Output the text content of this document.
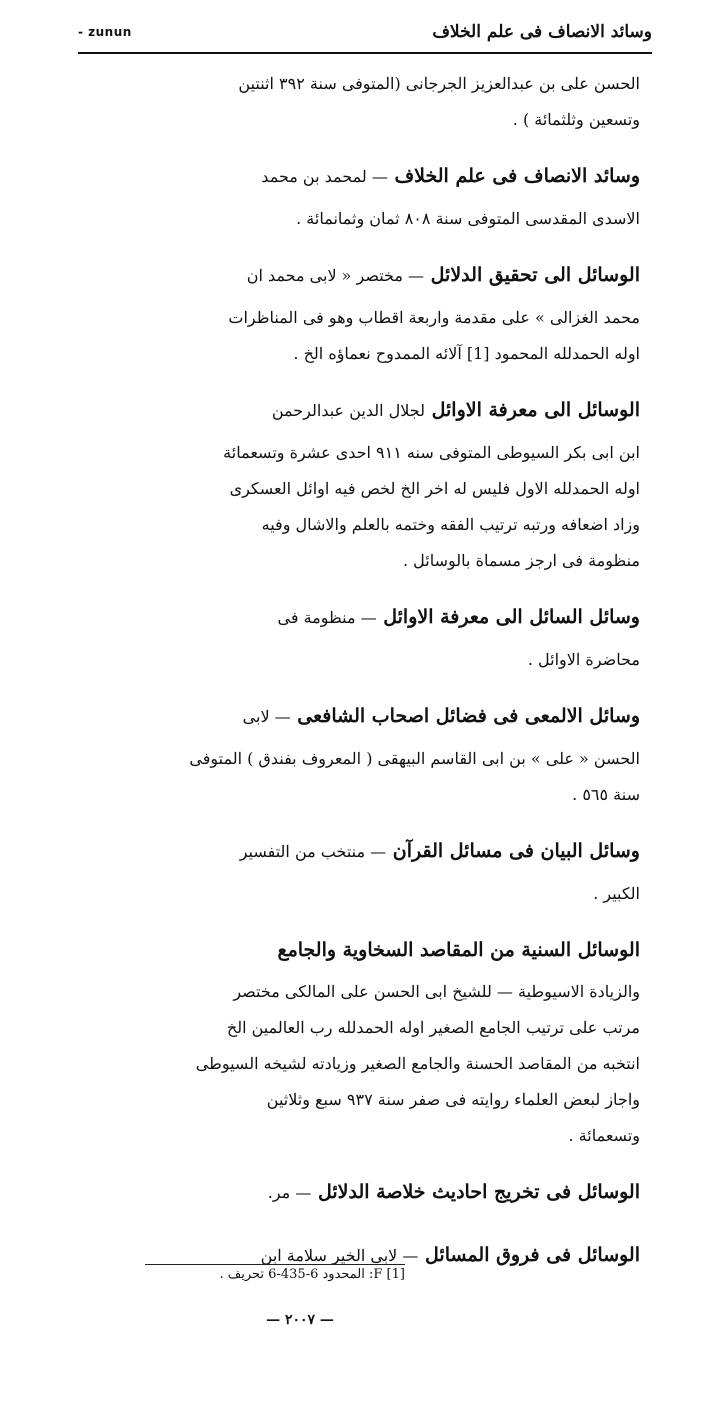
وسائد الانصاف فی علم الخلاف
- zunun

الحسن علی بن عبدالعزیز الجرجانی (المتوفی سنة ۳۹۲ اثنتین

وتسعین وثلثمائة ) .

وسائد الانصاف فی علم الخلاف — لمحمد بن محمد

الاسدی المقدسی المتوفی سنة ۸۰۸ ثمان وثمانمائة .

الوسائل الی تحقیق الدلائل — مختصر « لابی محمد ان

محمد الغزالی » علی مقدمة واربعة اقطاب وهو فی المناظرات

اوله الحمدلله المحمود [1] آلائه الممدوح نعماؤه الخ .

الوسائل الی معرفة الاوائل لجلال الدین عبدالرحمن

ابن ابی بکر السیوطی المتوفی سنه ۹۱۱ احدی عشرة وتسعمائة

اوله الحمدلله الاول فلیس له اخر الخ لخص فیه اوائل العسکری

وزاد اضعافه ورتبه ترتیب الفقه وختمه بالعلم والاشال وفیه

منظومة فی ارجز مسماة بالوسائل .

وسائل السائل الی معرفة الاوائل — منظومة فی

محاضرة الاوائل .

وسائل الالمعی فی فضائل اصحاب الشافعی — لابی

الحسن « علی » بن ابی القاسم البیهقی ( المعروف بفندق ) المتوفی

سنة ٥٦٥ .

وسائل البیان فی مسائل القرآن — منتخب من التفسیر

الکبیر .

الوسائل السنیة من المقاصد السخاویة والجامع

والزیادة الاسیوطیة — للشیخ ابی الحسن علی المالکی مختصر

مرتب علی ترتیب الجامع الصغیر اوله الحمدلله رب العالمین الخ

انتخبه من المقاصد الحسنة والجامع الصغیر وزیادته لشیخه السیوطی

واجاز لبعض العلماء روایته فی صفر سنة ۹۳۷ سبع وثلاثین

وتسعمائة .

الوسائل فی تخریج احادیث خلاصة الدلائل — مر.

الوسائل فی فروق المسائل — لابی الخیر سلامة ابن

[1] F: المحدود 6-435-6 تحریف .
— ۲۰۰۷ —
